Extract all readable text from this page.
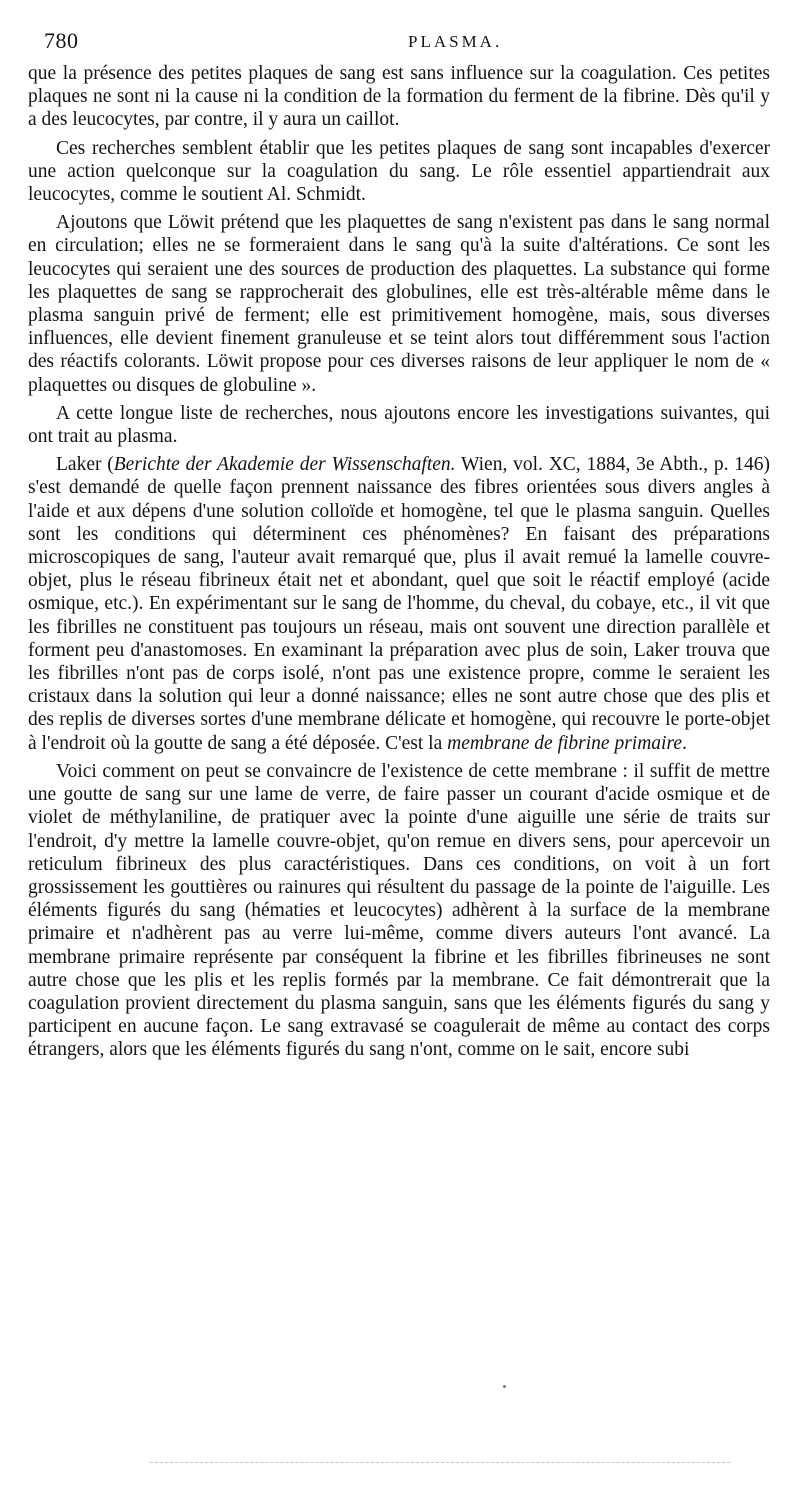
780	PLASMA.

que la présence des petites plaques de sang est sans influence sur la coagulation. Ces petites plaques ne sont ni la cause ni la condition de la formation du ferment de la fibrine. Dès qu'il y a des leucocytes, par contre, il y aura un caillot.

Ces recherches semblent établir que les petites plaques de sang sont incapables d'exercer une action quelconque sur la coagulation du sang. Le rôle essentiel appartiendrait aux leucocytes, comme le soutient Al. Schmidt.

Ajoutons que Löwit prétend que les plaquettes de sang n'existent pas dans le sang normal en circulation; elles ne se formeraient dans le sang qu'à la suite d'altérations. Ce sont les leucocytes qui seraient une des sources de production des plaquettes. La substance qui forme les plaquettes de sang se rapprocherait des globulines, elle est très-altérable même dans le plasma sanguin privé de ferment; elle est primitivement homogène, mais, sous diverses influences, elle devient finement granuleuse et se teint alors tout différemment sous l'action des réactifs colorants. Löwit propose pour ces diverses raisons de leur appliquer le nom de « plaquettes ou disques de globuline ».

A cette longue liste de recherches, nous ajoutons encore les investigations suivantes, qui ont trait au plasma.

Laker (Berichte der Akademie der Wissenschaften. Wien, vol. XC, 1884, 3e Abth., p. 146) s'est demandé de quelle façon prennent naissance des fibres orientées sous divers angles à l'aide et aux dépens d'une solution colloïde et homogène, tel que le plasma sanguin. Quelles sont les conditions qui déterminent ces phénomènes? En faisant des préparations microscopiques de sang, l'auteur avait remarqué que, plus il avait remué la lamelle couvre-objet, plus le réseau fibrineux était net et abondant, quel que soit le réactif employé (acide osmique, etc.). En expérimentant sur le sang de l'homme, du cheval, du cobaye, etc., il vit que les fibrilles ne constituent pas toujours un réseau, mais ont souvent une direction parallèle et forment peu d'anastomoses. En examinant la préparation avec plus de soin, Laker trouva que les fibrilles n'ont pas de corps isolé, n'ont pas une existence propre, comme le seraient les cristaux dans la solution qui leur a donné naissance; elles ne sont autre chose que des plis et des replis de diverses sortes d'une membrane délicate et homogène, qui recouvre le porte-objet à l'endroit où la goutte de sang a été déposée. C'est la membrane de fibrine primaire.

Voici comment on peut se convaincre de l'existence de cette membrane : il suffit de mettre une goutte de sang sur une lame de verre, de faire passer un courant d'acide osmique et de violet de méthylaniline, de pratiquer avec la pointe d'une aiguille une série de traits sur l'endroit, d'y mettre la lamelle couvre-objet, qu'on remue en divers sens, pour apercevoir un reticulum fibrineux des plus caractéristiques. Dans ces conditions, on voit à un fort grossissement les gouttières ou rainures qui résultent du passage de la pointe de l'aiguille. Les éléments figurés du sang (hématies et leucocytes) adhèrent à la surface de la membrane primaire et n'adhèrent pas au verre lui-même, comme divers auteurs l'ont avancé. La membrane primaire représente par conséquent la fibrine et les fibrilles fibrineuses ne sont autre chose que les plis et les replis formés par la membrane. Ce fait démontrerait que la coagulation provient directement du plasma sanguin, sans que les éléments figurés du sang y participent en aucune façon. Le sang extravasé se coagulerait de même au contact des corps étrangers, alors que les éléments figurés du sang n'ont, comme on le sait, encore subi
